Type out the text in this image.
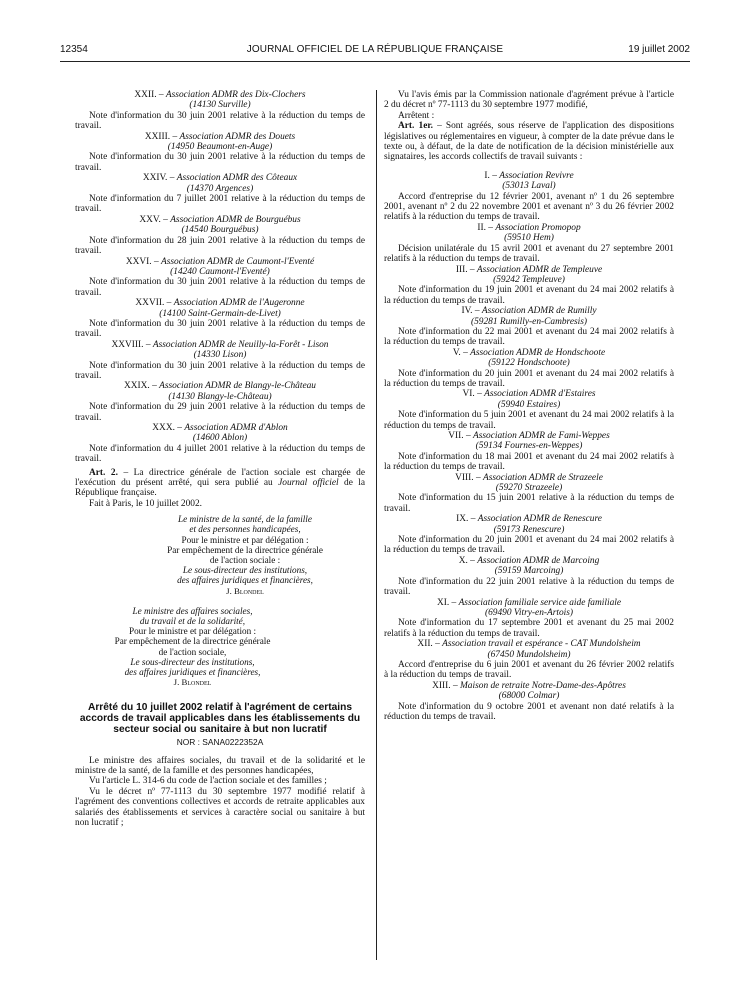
12354	JOURNAL OFFICIEL DE LA RÉPUBLIQUE FRANÇAISE	19 juillet 2002

XXII. – Association ADMR des Dix-Clochers

(14130 Surville)

Note d'information du 30 juin 2001 relative à la réduction du temps de travail.

XXIII. – Association ADMR des Douets

(14950 Beaumont-en-Auge)

Note d'information du 30 juin 2001 relative à la réduction du temps de travail.

XXIV. – Association ADMR des Côteaux

(14370 Argences)

Note d'information du 7 juillet 2001 relative à la réduction du temps de travail.

XXV. – Association ADMR de Bourguébus

(14540 Bourguébus)

Note d'information du 28 juin 2001 relative à la réduction du temps de travail.

XXVI. – Association ADMR de Caumont-l'Eventé

(14240 Caumont-l'Eventé)

Note d'information du 30 juin 2001 relative à la réduction du temps de travail.

XXVII. – Association ADMR de l'Augeronne

(14100 Saint-Germain-de-Livet)

Note d'information du 30 juin 2001 relative à la réduction du temps de travail.

XXVIII. – Association ADMR de Neuilly-la-Forêt - Lison

(14330 Lison)

Note d'information du 30 juin 2001 relative à la réduction du temps de travail.

XXIX. – Association ADMR de Blangy-le-Château

(14130 Blangy-le-Château)

Note d'information du 29 juin 2001 relative à la réduction du temps de travail.

XXX. – Association ADMR d'Ablon

(14600 Ablon)

Note d'information du 4 juillet 2001 relative à la réduction du temps de travail.

Art. 2. – La directrice générale de l'action sociale est chargée de l'exécution du présent arrêté, qui sera publié au Journal officiel de la République française.

Fait à Paris, le 10 juillet 2002.

Le ministre de la santé, de la famille
et des personnes handicapées,
Pour le ministre et par délégation :
Par empêchement de la directrice générale
de l'action sociale :
Le sous-directeur des institutions,
des affaires juridiques et financières,
J. Blondel
Le ministre des affaires sociales,
du travail et de la solidarité,
Pour le ministre et par délégation :
Par empêchement de la directrice générale
de l'action sociale,
Le sous-directeur des institutions,
des affaires juridiques et financières,
J. Blondel
Arrêté du 10 juillet 2002 relatif à l'agrément de certains accords de travail applicables dans les établissements du secteur social ou sanitaire à but non lucratif
NOR : SANA0222352A

Le ministre des affaires sociales, du travail et de la solidarité et le ministre de la santé, de la famille et des personnes handicapées,

Vu l'article L. 314-6 du code de l'action sociale et des familles ;

Vu le décret nº 77-1113 du 30 septembre 1977 modifié relatif à l'agrément des conventions collectives et accords de retraite applicables aux salariés des établissements et services à caractère social ou sanitaire à but non lucratif ;

Vu l'avis émis par la Commission nationale d'agrément prévue à l'article 2 du décret nº 77-1113 du 30 septembre 1977 modifié,

Arrêtent :

Art. 1er. – Sont agréés, sous réserve de l'application des dispositions législatives ou réglementaires en vigueur, à compter de la date prévue dans le texte ou, à défaut, de la date de notification de la décision ministérielle aux signataires, les accords collectifs de travail suivants :

I. – Association Revivre

(53013 Laval)

Accord d'entreprise du 12 février 2001, avenant nº 1 du 26 septembre 2001, avenant nº 2 du 22 novembre 2001 et avenant nº 3 du 26 février 2002 relatifs à la réduction du temps de travail.

II. – Association Promopop

(59510 Hem)

Décision unilatérale du 15 avril 2001 et avenant du 27 septembre 2001 relatifs à la réduction du temps de travail.

III. – Association ADMR de Templeuve

(59242 Templeuve)

Note d'information du 19 juin 2001 et avenant du 24 mai 2002 relatifs à la réduction du temps de travail.

IV. – Association ADMR de Rumilly

(59281 Rumilly-en-Cambresis)

Note d'information du 22 mai 2001 et avenant du 24 mai 2002 relatifs à la réduction du temps de travail.

V. – Association ADMR de Hondschoote

(59122 Hondschoote)

Note d'information du 20 juin 2001 et avenant du 24 mai 2002 relatifs à la réduction du temps de travail.

VI. – Association ADMR d'Estaires

(59940 Estaires)

Note d'information du 5 juin 2001 et avenant du 24 mai 2002 relatifs à la réduction du temps de travail.

VII. – Association ADMR de Fami-Weppes

(59134 Fournes-en-Weppes)

Note d'information du 18 mai 2001 et avenant du 24 mai 2002 relatifs à la réduction du temps de travail.

VIII. – Association ADMR de Strazeele

(59270 Strazeele)

Note d'information du 15 juin 2001 relative à la réduction du temps de travail.

IX. – Association ADMR de Renescure

(59173 Renescure)

Note d'information du 20 juin 2001 et avenant du 24 mai 2002 relatifs à la réduction du temps de travail.

X. – Association ADMR de Marcoing

(59159 Marcoing)

Note d'information du 22 juin 2001 relative à la réduction du temps de travail.

XI. – Association familiale service aide familiale

(69490 Vitry-en-Artois)

Note d'information du 17 septembre 2001 et avenant du 25 mai 2002 relatifs à la réduction du temps de travail.

XII. – Association travail et espérance - CAT Mundolsheim

(67450 Mundolsheim)

Accord d'entreprise du 6 juin 2001 et avenant du 26 février 2002 relatifs à la réduction du temps de travail.

XIII. – Maison de retraite Notre-Dame-des-Apôtres

(68000 Colmar)

Note d'information du 9 octobre 2001 et avenant non daté relatifs à la réduction du temps de travail.
